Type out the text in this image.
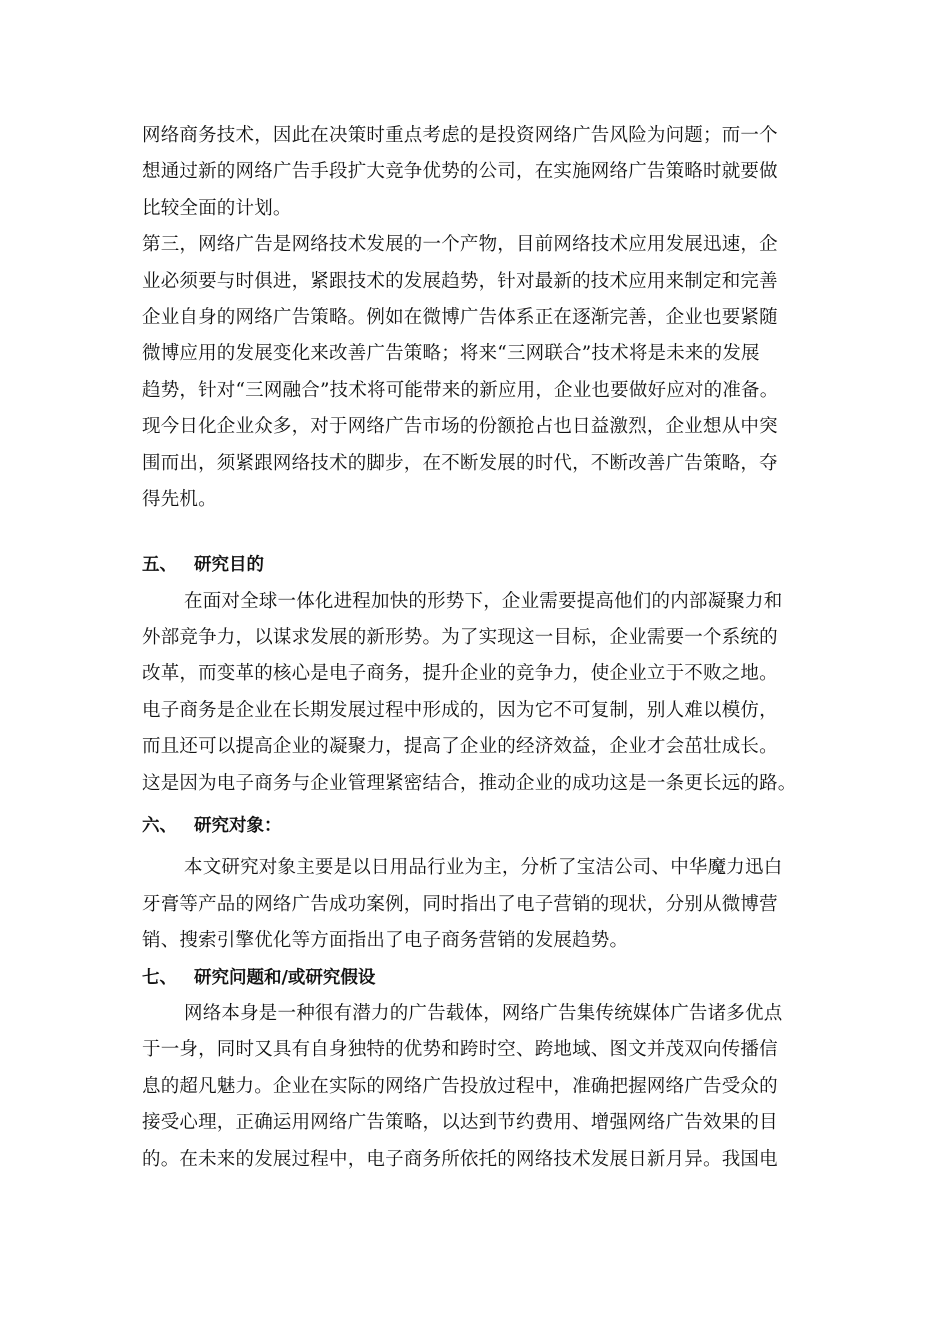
网络商务技术，因此在决策时重点考虑的是投资网络广告风险为问题；而一个
想通过新的网络广告手段扩大竞争优势的公司，在实施网络广告策略时就要做
比较全面的计划。
第三，网络广告是网络技术发展的一个产物，目前网络技术应用发展迅速，企
业必须要与时俱进，紧跟技术的发展趋势，针对最新的技术应用来制定和完善
企业自身的网络广告策略。例如在微博广告体系正在逐渐完善，企业也要紧随
微博应用的发展变化来改善广告策略；将来“三网联合”技术将是未来的发展
趋势，针对“三网融合”技术将可能带来的新应用，企业也要做好应对的准备。
现今日化企业众多，对于网络广告市场的份额抢占也日益激烈，企业想从中突
围而出，须紧跟网络技术的脚步，在不断发展的时代，不断改善广告策略，夺
得先机。
五、 研究目的
在面对全球一体化进程加快的形势下，企业需要提高他们的内部凝聚力和
外部竞争力，以谋求发展的新形势。为了实现这一目标，企业需要一个系统的
改革，而变革的核心是电子商务，提升企业的竞争力，使企业立于不败之地。
电子商务是企业在长期发展过程中形成的，因为它不可复制，别人难以模仿，
而且还可以提高企业的凝聚力，提高了企业的经济效益，企业才会茁壮成长。
这是因为电子商务与企业管理紧密结合，推动企业的成功这是一条更长远的路。
六、 研究对象：
本文研究对象主要是以日用品行业为主，分析了宝洁公司、中华魔力迅白
牙膏等产品的网络广告成功案例，同时指出了电子营销的现状，分别从微博营
销、搜索引擎优化等方面指出了电子商务营销的发展趋势。
七、 研究问题和/或研究假设
网络本身是一种很有潜力的广告载体，网络广告集传统媒体广告诸多优点
于一身，同时又具有自身独特的优势和跨时空、跨地域、图文并茂双向传播信
息的超凡魅力。企业在实际的网络广告投放过程中，准确把握网络广告受众的
接受心理，正确运用网络广告策略，以达到节约费用、增强网络广告效果的目
的。在未来的发展过程中，电子商务所依托的网络技术发展日新月异。我国电
